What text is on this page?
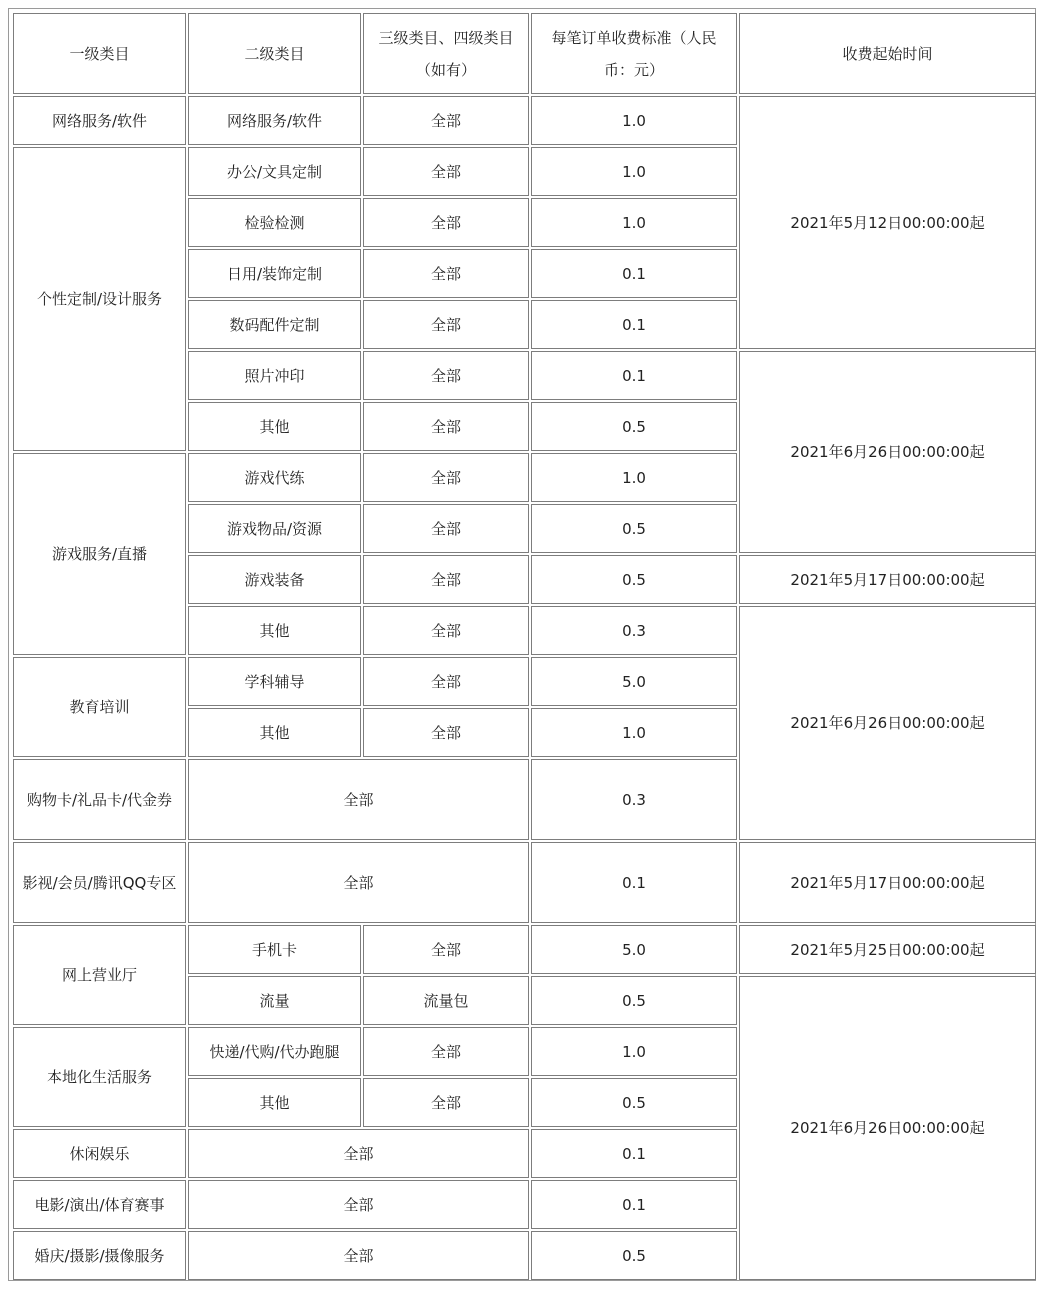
一级类目	二级类目	三级类目、四级类目（如有）	每笔订单收费标准（人民币：元）	收费起始时间
网络服务/软件	网络服务/软件	全部	1.0	2021年5月12日00:00:00起
个性定制/设计服务	办公/文具定制	全部	1.0	
	检验检测	全部	1.0	
	日用/装饰定制	全部	0.1	
	数码配件定制	全部	0.1	
	照片冲印	全部	0.1	2021年6月26日00:00:00起
	其他	全部	0.5	
游戏服务/直播	游戏代练	全部	1.0	
	游戏物品/资源	全部	0.5	
	游戏装备	全部	0.5	2021年5月17日00:00:00起
	其他	全部	0.3	2021年6月26日00:00:00起
教育培训	学科辅导	全部	5.0	
	其他	全部	1.0	
购物卡/礼品卡/代金券	全部		0.3	
影视/会员/腾讯QQ专区	全部		0.1	2021年5月17日00:00:00起
网上营业厅	手机卡	全部	5.0	2021年5月25日00:00:00起
	流量	流量包	0.5	2021年6月26日00:00:00起
本地化生活服务	快递/代购/代办跑腿	全部	1.0	
	其他	全部	0.5	
休闲娱乐	全部		0.1	
电影/演出/体育赛事	全部		0.1	
婚庆/摄影/摄像服务	全部		0.5	
